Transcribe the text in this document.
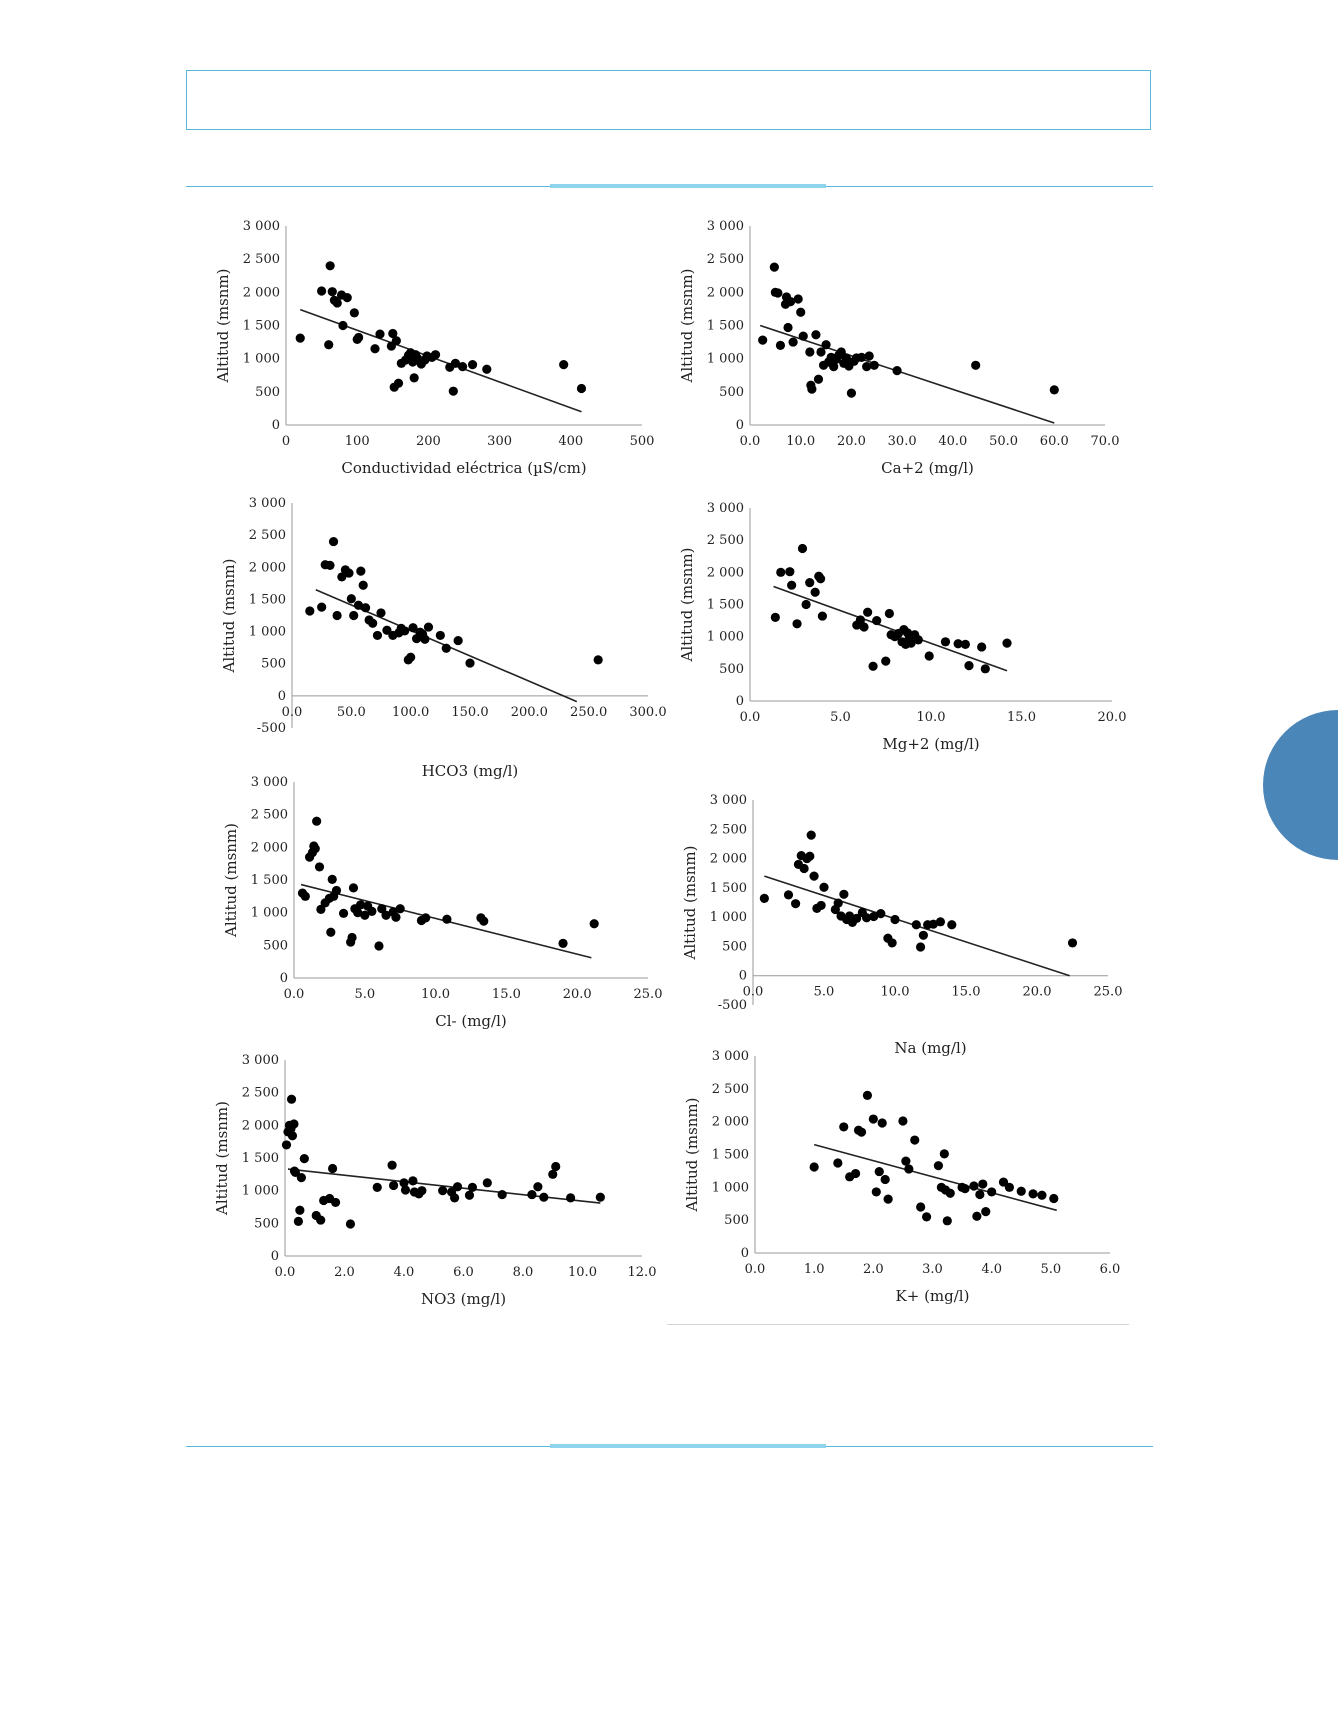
0
500
1 000
1 500
2 000
2 500
3 000
0	100	200	300	400	500
Conductividad eléctrica (µS/cm)
Altitud (msnm)
0
500
1 000
1 500
2 000
2 500
3 000
0.0 10.0 20.0 30.0 40.0 50.0 60.0 70.0
Ca+2 (mg/l)
Altitud (msnm)
-500
0
500
1 000
1 500
2 000
2 500
3 000
0.0	50.0 100.0 150.0 200.0 250.0 300.0
HCO3 (mg/l)
Altitud (msnm)
0
500
1 000
1 500
2 000
2 500
3 000
0.0	5.0	10.0	15.0	20.0
Mg+2 (mg/l)
Altitud (msnm)
0
500
1 000
1 500
2 000
2 500
3 000
0.0	5.0	10.0	15.0	20.0	25.0
Cl- (mg/l)
Altitud (msnm)
-500
0
500
1 000
1 500
2 000
2 500
3 000
0.0	5.0	10.0	15.0	20.0	25.0
Na (mg/l)
Altitud (msnm)
0
500
1 000
1 500
2 000
2 500
3 000
0.0	2.0	4.0	6.0	8.0	10.0 12.0
NO3 (mg/l)
Altitud (msnm)
0
500
1 000
1 500
2 000
2 500
3 000
0.0	1.0	2.0	3.0	4.0	5.0	6.0
K+ (mg/l)
Altitud (msnm)
